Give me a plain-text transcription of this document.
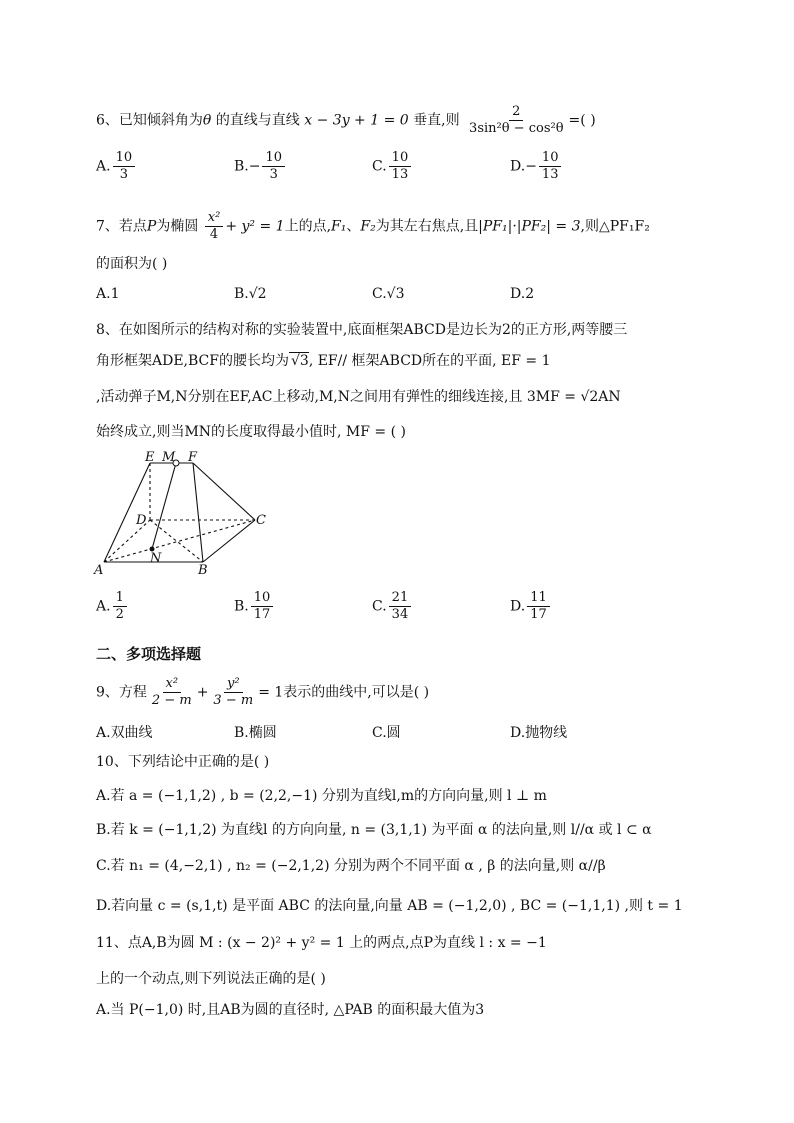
6、已知倾斜角为θ 的直线与直线 x − 3y + 1 = 0 垂直,则 $\frac{2}{\text{3sin²θ − cos²θ}}$ =( )
A. $\frac{10}{3}$	$B.- \frac{10}{3}$	C. $\frac{10}{13}$	$D.- \frac{10}{13}$
7、若点P为椭圆 $\frac{\text{x²}}{4} + y^2 = 1$上的点,F₁、F₂为其左右焦点,且|PF₁|·|PF₂| = 3,则△PF₁F₂
的面积为( )
A.1	B.√2	C.√3	D.2
8、在如图所示的结构对称的实验装置中,底面框架ABCD是边长为2的正方形,两等腰三
角形框架ADE,BCF的腰长均为 √3, EF// 框架ABCD所在的平面, EF = 1
,活动弹子M,N分别在EF,AC上移动,M,N之间用有弹性的细线连接,且 3MF = √2AN
始终成立,则当MN的长度取得最小值时, MF = ( )
E M F
D	C
N
A	B
A. $\frac{1}{2}$	B. $\frac{10}{17}$	C. $\frac{21}{34}$	D. $\frac{11}{17}$
二、多项选择题
9、方程 $\frac{\text{x²}}{2 - m} + \frac{\text{y²}}{3 - m} = 1$表示的曲线中,可以是( )
A.双曲线	B.椭圆	C.圆	D.抛物线
10、下列结论中正确的是( )
A.若 a = (−1,1,2) , b = (2,2,−1) 分别为直线l,m的方向向量,则 l ⊥ m
B.若 k = (−1,1,2) 为直线l 的方向向量, n = (3,1,1) 为平面 α 的法向量,则 l//α 或 l ⊂ α
C.若 n₁ = (4,−2,1) , n₂ = (−2,1,2) 分别为两个不同平面 α , β 的法向量,则 α//β
D.若向量 c = (s,1,t) 是平面 ABC 的法向量,向量 AB = (−1,2,0) , BC = (−1,1,1) ,则 t = 1
11、点A,B为圆 M : (x − 2)² + y² = 1 上的两点,点P为直线 l : x = −1
上的一个动点,则下列说法正确的是( )
A.当 P(−1,0) 时,且AB为圆的直径时, △PAB 的面积最大值为3
